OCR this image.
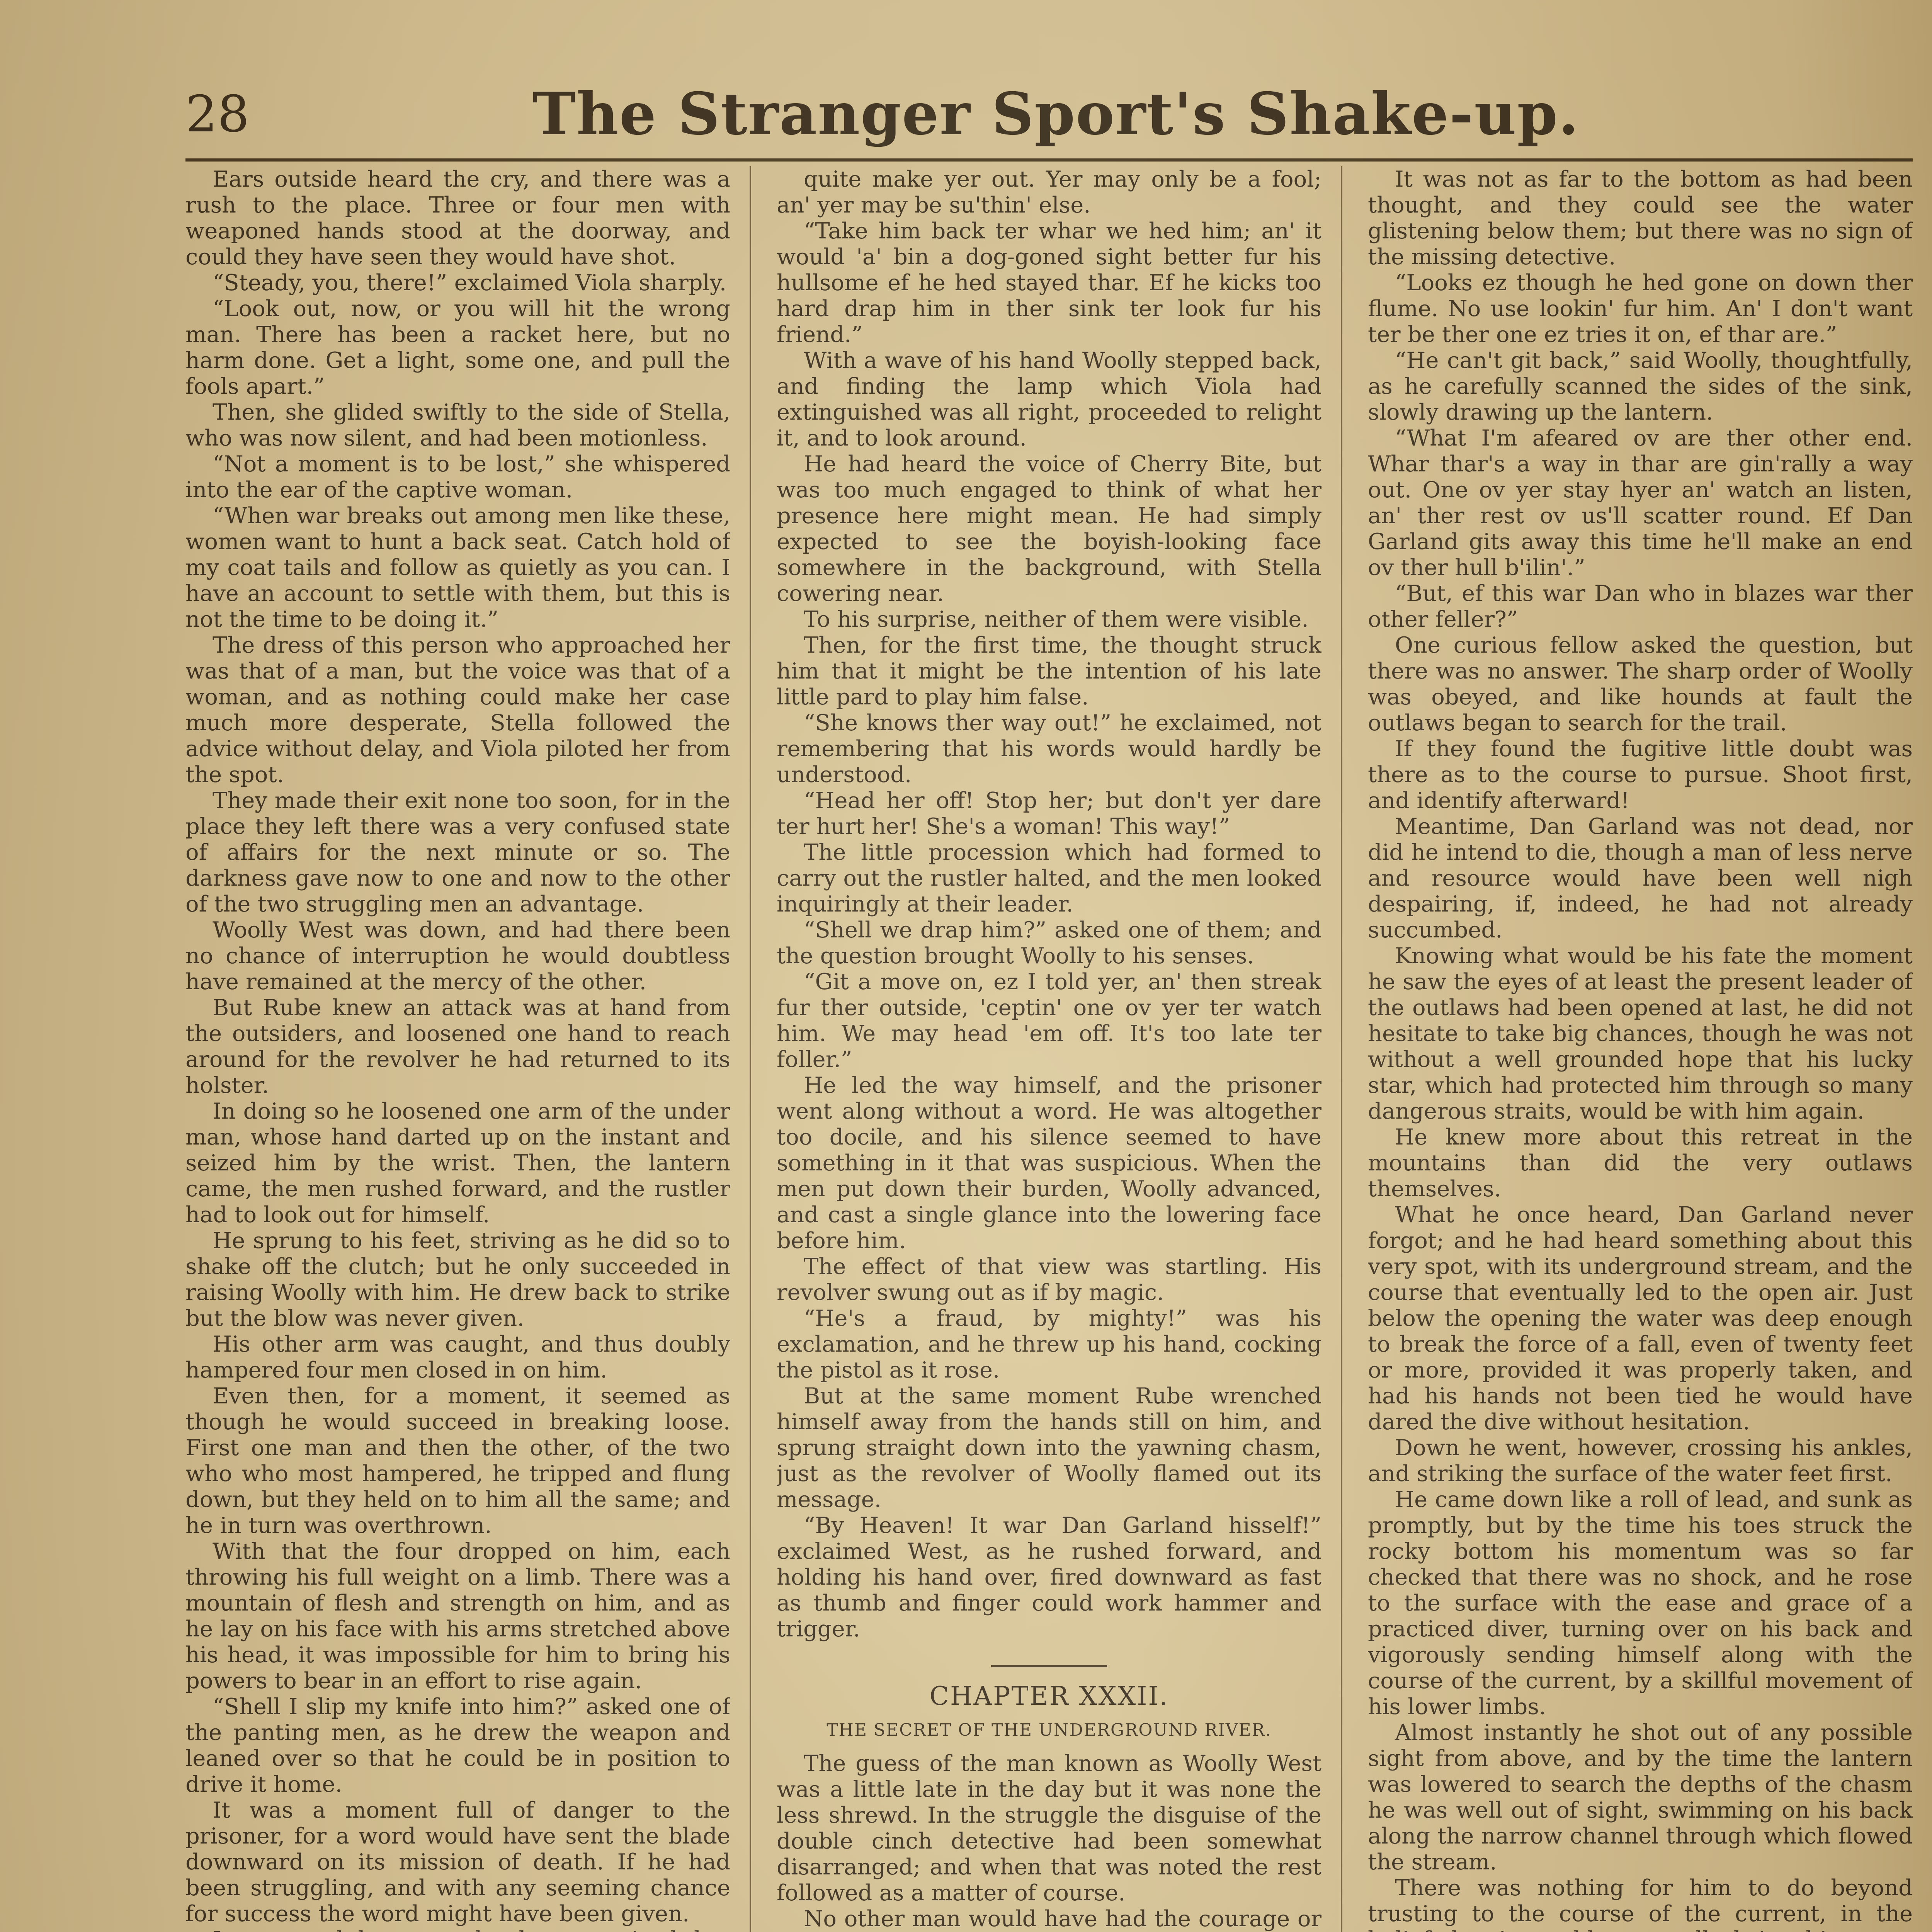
28	The Stranger Sport's Shake-up.

Ears outside heard the cry, and there was a rush to the place. Three or four men with weaponed hands stood at the doorway, and could they have seen they would have shot.

“Steady, you, there!” exclaimed Viola sharply.

“Look out, now, or you will hit the wrong man. There has been a racket here, but no harm done. Get a light, some one, and pull the fools apart.”

Then, she glided swiftly to the side of Stella, who was now silent, and had been motionless.

“Not a moment is to be lost,” she whispered into the ear of the captive woman.

“When war breaks out among men like these, women want to hunt a back seat. Catch hold of my coat tails and follow as quietly as you can. I have an account to settle with them, but this is not the time to be doing it.”

The dress of this person who approached her was that of a man, but the voice was that of a woman, and as nothing could make her case much more desperate, Stella followed the advice without delay, and Viola piloted her from the spot.

They made their exit none too soon, for in the place they left there was a very confused state of affairs for the next minute or so. The darkness gave now to one and now to the other of the two struggling men an advantage.

Woolly West was down, and had there been no chance of interruption he would doubtless have remained at the mercy of the other.

But Rube knew an attack was at hand from the outsiders, and loosened one hand to reach around for the revolver he had returned to its holster.

In doing so he loosened one arm of the under man, whose hand darted up on the instant and seized him by the wrist. Then, the lantern came, the men rushed forward, and the rustler had to look out for himself.

He sprung to his feet, striving as he did so to shake off the clutch; but he only succeeded in raising Woolly with him. He drew back to strike but the blow was never given.

His other arm was caught, and thus doubly hampered four men closed in on him.

Even then, for a moment, it seemed as though he would succeed in breaking loose. First one man and then the other, of the two who who most hampered, he tripped and flung down, but they held on to him all the same; and he in turn was overthrown.

With that the four dropped on him, each throwing his full weight on a limb. There was a mountain of flesh and strength on him, and as he lay on his face with his arms stretched above his head, it was impossible for him to bring his powers to bear in an effort to rise again.

“Shell I slip my knife into him?” asked one of the panting men, as he drew the weapon and leaned over so that he could be in position to drive it home.

It was a moment full of danger to the prisoner, for a word would have sent the blade downward on its mission of death. If he had been struggling, and with any seeming chance for success the word might have been given.

quite make yer out. Yer may only be a fool; an' yer may be su'thin' else.

“Take him back ter whar we hed him; an' it would 'a' bin a dog-goned sight better fur his hullsome ef he hed stayed thar. Ef he kicks too hard drap him in ther sink ter look fur his friend.”

With a wave of his hand Woolly stepped back, and finding the lamp which Viola had extinguished was all right, proceeded to relight it, and to look around.

He had heard the voice of Cherry Bite, but was too much engaged to think of what her presence here might mean. He had simply expected to see the boyish-looking face somewhere in the background, with Stella cowering near.

To his surprise, neither of them were visible.

Then, for the first time, the thought struck him that it might be the intention of his late little pard to play him false.

“She knows ther way out!” he exclaimed, not remembering that his words would hardly be understood.

“Head her off! Stop her; but don't yer dare ter hurt her! She's a woman! This way!”

The little procession which had formed to carry out the rustler halted, and the men looked inquiringly at their leader.

“Shell we drap him?” asked one of them; and the question brought Woolly to his senses.

“Git a move on, ez I told yer, an' then streak fur ther outside, 'ceptin' one ov yer ter watch him. We may head 'em off. It's too late ter foller.”

He led the way himself, and the prisoner went along without a word. He was altogether too docile, and his silence seemed to have something in it that was suspicious. When the men put down their burden, Woolly advanced, and cast a single glance into the lowering face before him.

The effect of that view was startling. His revolver swung out as if by magic.

“He's a fraud, by mighty!” was his exclamation, and he threw up his hand, cocking the pistol as it rose.

But at the same moment Rube wrenched himself away from the hands still on him, and sprung straight down into the yawning chasm, just as the revolver of Woolly flamed out its message.

“By Heaven! It war Dan Garland hisself!” exclaimed West, as he rushed forward, and holding his hand over, fired downward as fast as thumb and finger could work hammer and trigger.

CHAPTER XXXII.
THE SECRET OF THE UNDERGROUND RIVER.

The guess of the man known as Woolly West was a little late in the day but it was none the less shrewd. In the struggle the disguise of the double cinch detective had been somewhat disarranged; and when that was noted the rest followed as a matter of course.

No other man would have had the courage or

It was not as far to the bottom as had been thought, and they could see the water glistening below them; but there was no sign of the missing detective.

“Looks ez though he hed gone on down ther flume. No use lookin' fur him. An' I don't want ter be ther one ez tries it on, ef thar are.”

“He can't git back,” said Woolly, thoughtfully, as he carefully scanned the sides of the sink, slowly drawing up the lantern.

“What I'm afeared ov are ther other end. Whar thar's a way in thar are gin'rally a way out. One ov yer stay hyer an' watch an listen, an' ther rest ov us'll scatter round. Ef Dan Garland gits away this time he'll make an end ov ther hull b'ilin'.”

“But, ef this war Dan who in blazes war ther other feller?”

One curious fellow asked the question, but there was no answer. The sharp order of Woolly was obeyed, and like hounds at fault the outlaws began to search for the trail.

If they found the fugitive little doubt was there as to the course to pursue. Shoot first, and identify afterward!

Meantime, Dan Garland was not dead, nor did he intend to die, though a man of less nerve and resource would have been well nigh despairing, if, indeed, he had not already succumbed.

Knowing what would be his fate the moment he saw the eyes of at least the present leader of the outlaws had been opened at last, he did not hesitate to take big chances, though he was not without a well grounded hope that his lucky star, which had protected him through so many dangerous straits, would be with him again.

He knew more about this retreat in the mountains than did the very outlaws themselves.

What he once heard, Dan Garland never forgot; and he had heard something about this very spot, with its underground stream, and the course that eventually led to the open air. Just below the opening the water was deep enough to break the force of a fall, even of twenty feet or more, provided it was properly taken, and had his hands not been tied he would have dared the dive without hesitation.

Down he went, however, crossing his ankles, and striking the surface of the water feet first.

He came down like a roll of lead, and sunk as promptly, but by the time his toes struck the rocky bottom his momentum was so far checked that there was no shock, and he rose to the surface with the ease and grace of a practiced diver, turning over on his back and vigorously sending himself along with the course of the current, by a skillful movement of his lower limbs.

Almost instantly he shot out of any possible sight from above, and by the time the lantern was lowered to search the depths of the chasm he was well out of sight, swimming on his back along the narrow channel through which flowed the stream.

There was nothing for him to do beyond trusting to the course of the current, in the
